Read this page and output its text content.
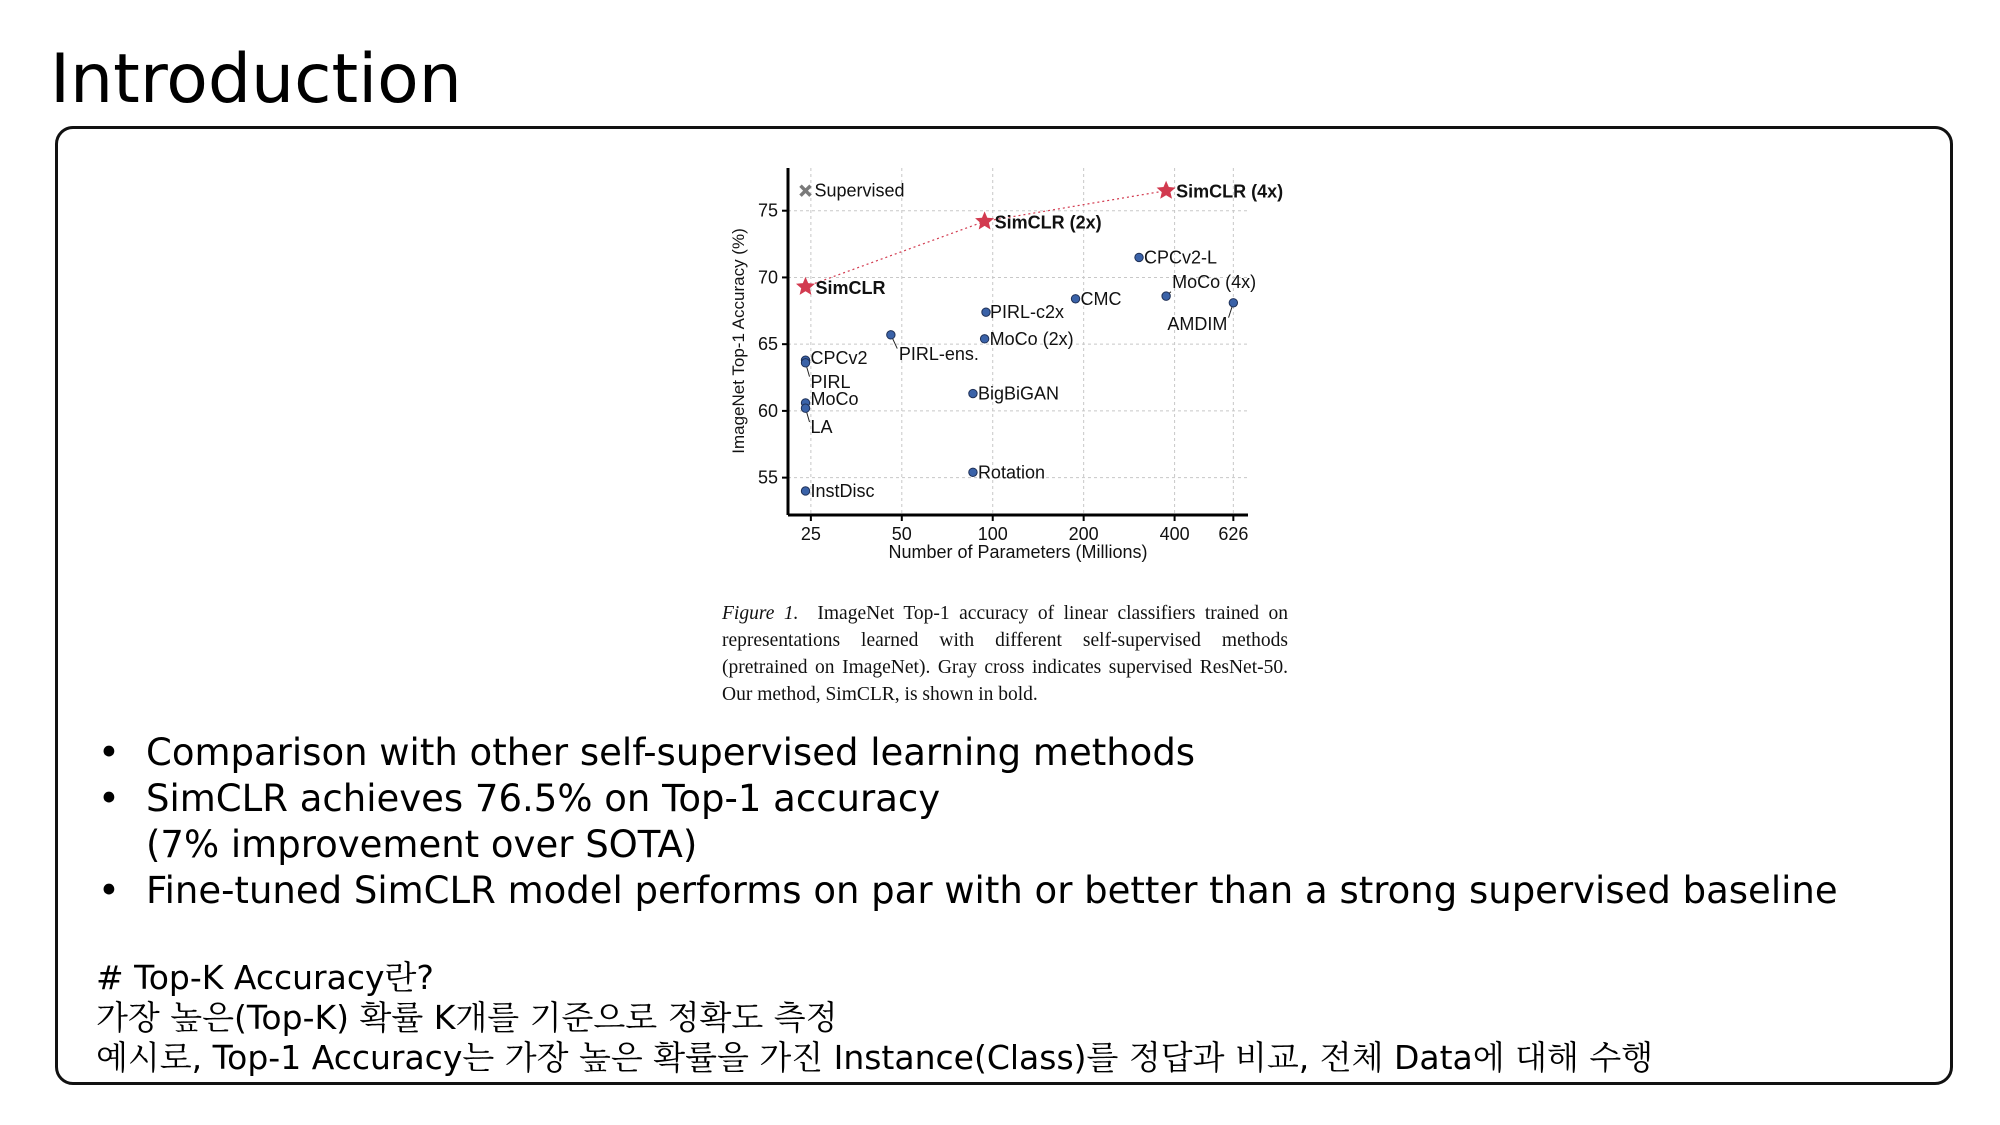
Introduction
55
60
65
70
75
25	50	100	200	400 626
Number of Parameters (Millions)
ImageNet Top-1 Accuracy (%)
Supervised
SimCLR
SimCLR (2x)
SimCLR (4x)
CPCv2-L
MoCo (4x)
AMDIM
CMC
PIRL-c2x
MoCo (2x)
PIRL-ens.
CPCv2
PIRL
MoCo
LA
BigBiGAN
Rotation
InstDisc
Figure 1. ImageNet Top-1 accuracy of linear classifiers trained on representations learned with different self-supervised methods (pretrained on ImageNet). Gray cross indicates supervised ResNet-50. Our method, SimCLR, is shown in bold.
• Comparison with other self-supervised learning methods
• SimCLR achieves 76.5% on Top-1 accuracy
(7% improvement over SOTA)
• Fine-tuned SimCLR model performs on par with or better than a strong supervised baseline
# Top-K Accuracy란?
가장 높은(Top-K) 확률 K개를 기준으로 정확도 측정
예시로, Top-1 Accuracy는 가장 높은 확률을 가진 Instance(Class)를 정답과 비교, 전체 Data에 대해 수행
